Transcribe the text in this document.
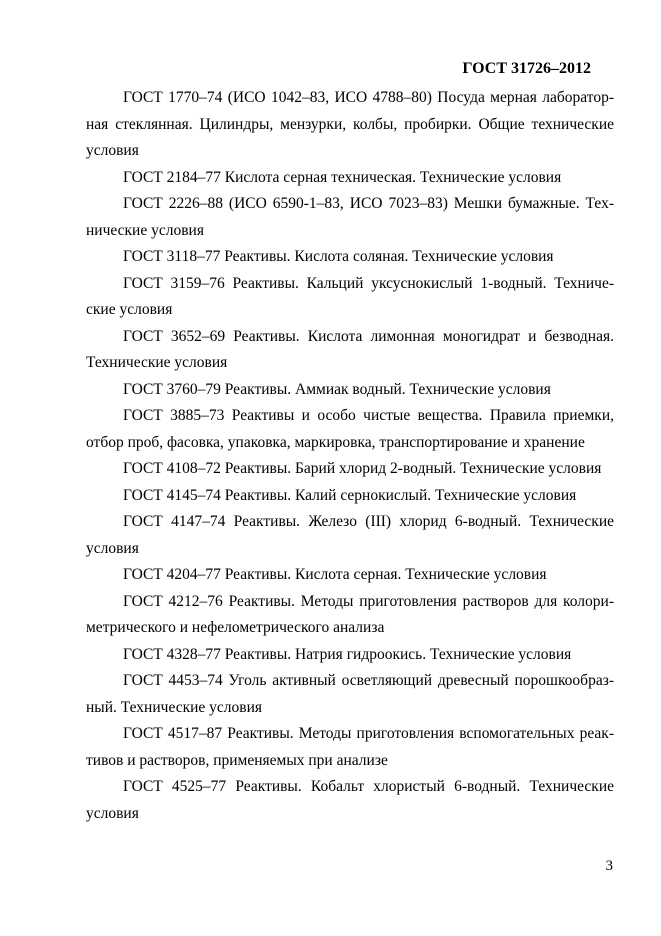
ГОСТ 31726–2012

ГОСТ 1770–74 (ИСО 1042–83, ИСО 4788–80) Посуда мерная лаборатор-ная стеклянная. Цилиндры, мензурки, колбы, пробирки. Общие технические условия

ГОСТ 2184–77 Кислота серная техническая. Технические условия

ГОСТ 2226–88 (ИСО 6590-1–83, ИСО 7023–83) Мешки бумажные. Тех-нические условия

ГОСТ 3118–77 Реактивы. Кислота соляная. Технические условия

ГОСТ 3159–76 Реактивы. Кальций уксуснокислый 1-водный. Техниче-ские условия

ГОСТ 3652–69 Реактивы. Кислота лимонная моногидрат и безводная. Технические условия

ГОСТ 3760–79 Реактивы. Аммиак водный. Технические условия

ГОСТ 3885–73 Реактивы и особо чистые вещества. Правила приемки, отбор проб, фасовка, упаковка, маркировка, транспортирование и хранение

ГОСТ 4108–72 Реактивы. Барий хлорид 2-водный. Технические условия

ГОСТ 4145–74 Реактивы. Калий сернокислый. Технические условия

ГОСТ 4147–74 Реактивы. Железо (III) хлорид 6-водный. Технические условия

ГОСТ 4204–77 Реактивы. Кислота серная. Технические условия

ГОСТ 4212–76 Реактивы. Методы приготовления растворов для колори-метрического и нефелометрического анализа

ГОСТ 4328–77 Реактивы. Натрия гидроокись. Технические условия

ГОСТ 4453–74 Уголь активный осветляющий древесный порошкообраз-ный. Технические условия

ГОСТ 4517–87 Реактивы. Методы приготовления вспомогательных реак-тивов и растворов, применяемых при анализе

ГОСТ 4525–77 Реактивы. Кобальт хлористый 6-водный. Технические условия

3
